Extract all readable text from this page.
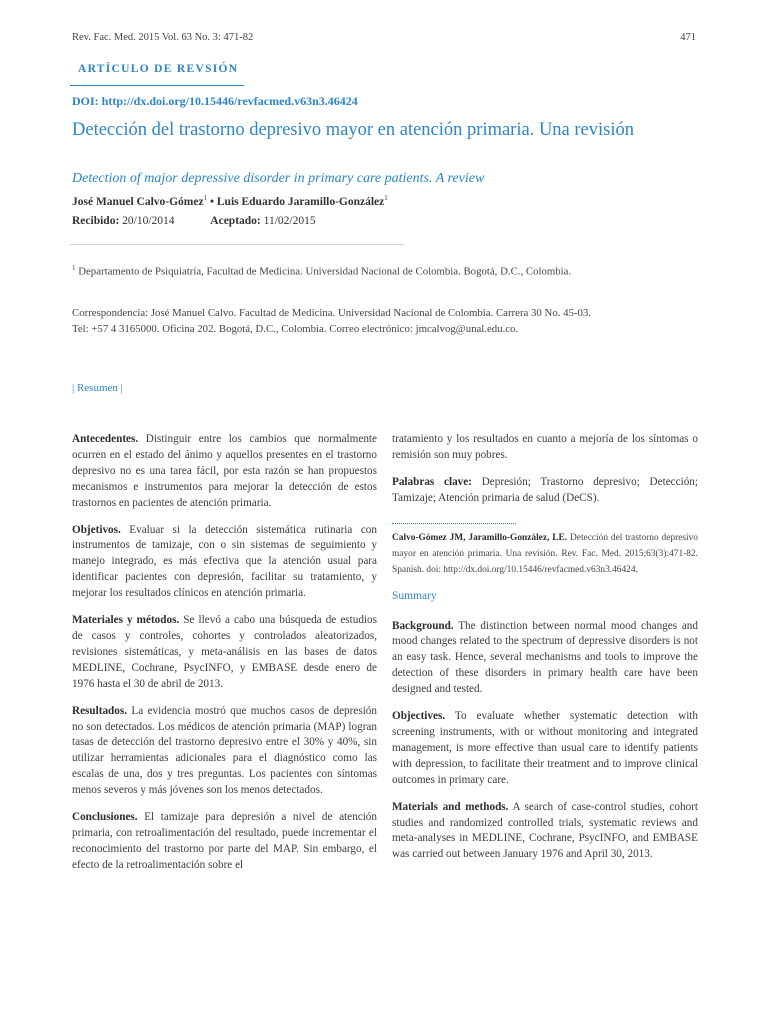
Rev. Fac. Med. 2015 Vol. 63 No. 3: 471-82	471
ARTÍCULO DE REVSIÓN
DOI: http://dx.doi.org/10.15446/revfacmed.v63n3.46424
Detección del trastorno depresivo mayor en atención primaria. Una revisión
Detection of major depressive disorder in primary care patients. A review
José Manuel Calvo-Gómez$^1$ • Luis Eduardo Jaramillo-González$^1$
Recibido: 20/10/2014	Aceptado: 11/02/2015
$^1$ Departamento de Psiquiatría, Facultad de Medicina. Universidad Nacional de Colombia. Bogotá, D.C., Colombia.
Correspondencia: José Manuel Calvo. Facultad de Medicina. Universidad Nacional de Colombia. Carrera 30 No. 45-03.
Tel: +57 4 3165000. Oficina 202. Bogotá, D.C., Colombia. Correo electrónico: jmcalvog@unal.edu.co.
| Resumen |

Antecedentes. Distinguir entre los cambios que normalmente ocurren en el estado del ánimo y aquellos presentes en el trastorno depresivo no es una tarea fácil, por esta razón se han propuestos mecanismos e instrumentos para mejorar la detección de estos trastornos en pacientes de atención primaria.

Objetivos. Evaluar si la detección sistemática rutinaria con instrumentos de tamizaje, con o sin sistemas de seguimiento y manejo integrado, es más efectiva que la atención usual para identificar pacientes con depresión, facilitar su tratamiento, y mejorar los resultados clínicos en atención primaria.

Materiales y métodos. Se llevó a cabo una búsqueda de estudios de casos y controles, cohortes y controlados aleatorizados, revisiones sistemáticas, y meta-análisis en las bases de datos MEDLINE, Cochrane, PsycINFO, y EMBASE desde enero de 1976 hasta el 30 de abril de 2013.

Resultados. La evidencia mostró que muchos casos de depresión no son detectados. Los médicos de atención primaria (MAP) logran tasas de detección del trastorno depresivo entre el 30% y 40%, sin utilizar herramientas adicionales para el diagnóstico como las escalas de una, dos y tres preguntas. Los pacientes con síntomas menos severos y más jóvenes son los menos detectados.

Conclusiones. El tamizaje para depresión a nivel de atención primaria, con retroalimentación del resultado, puede incrementar el reconocimiento del trastorno por parte del MAP. Sin embargo, el efecto de la retroalimentación sobre el

tratamiento y los resultados en cuanto a mejoría de los síntomas o remisión son muy pobres.

Palabras clave: Depresión; Trastorno depresivo; Detección; Tamizaje; Atención primaria de salud (DeCS).

Calvo-Gómez JM, Jaramillo-González, LE. Detección del trastorno depresivo mayor en atención primaria. Una revisión. Rev. Fac. Med. 2015;63(3):471-82. Spanish. doi: http://dx.doi.org/10.15446/revfacmed.v63n3.46424.

Summary

Background. The distinction between normal mood changes and mood changes related to the spectrum of depressive disorders is not an easy task. Hence, several mechanisms and tools to improve the detection of these disorders in primary health care have been designed and tested.

Objectives. To evaluate whether systematic detection with screening instruments, with or without monitoring and integrated management, is more effective than usual care to identify patients with depression, to facilitate their treatment and to improve clinical outcomes in primary care.

Materials and methods. A search of case-control studies, cohort studies and randomized controlled trials, systematic reviews and meta-analyses in MEDLINE, Cochrane, PsycINFO, and EMBASE was carried out between January 1976 and April 30, 2013.
